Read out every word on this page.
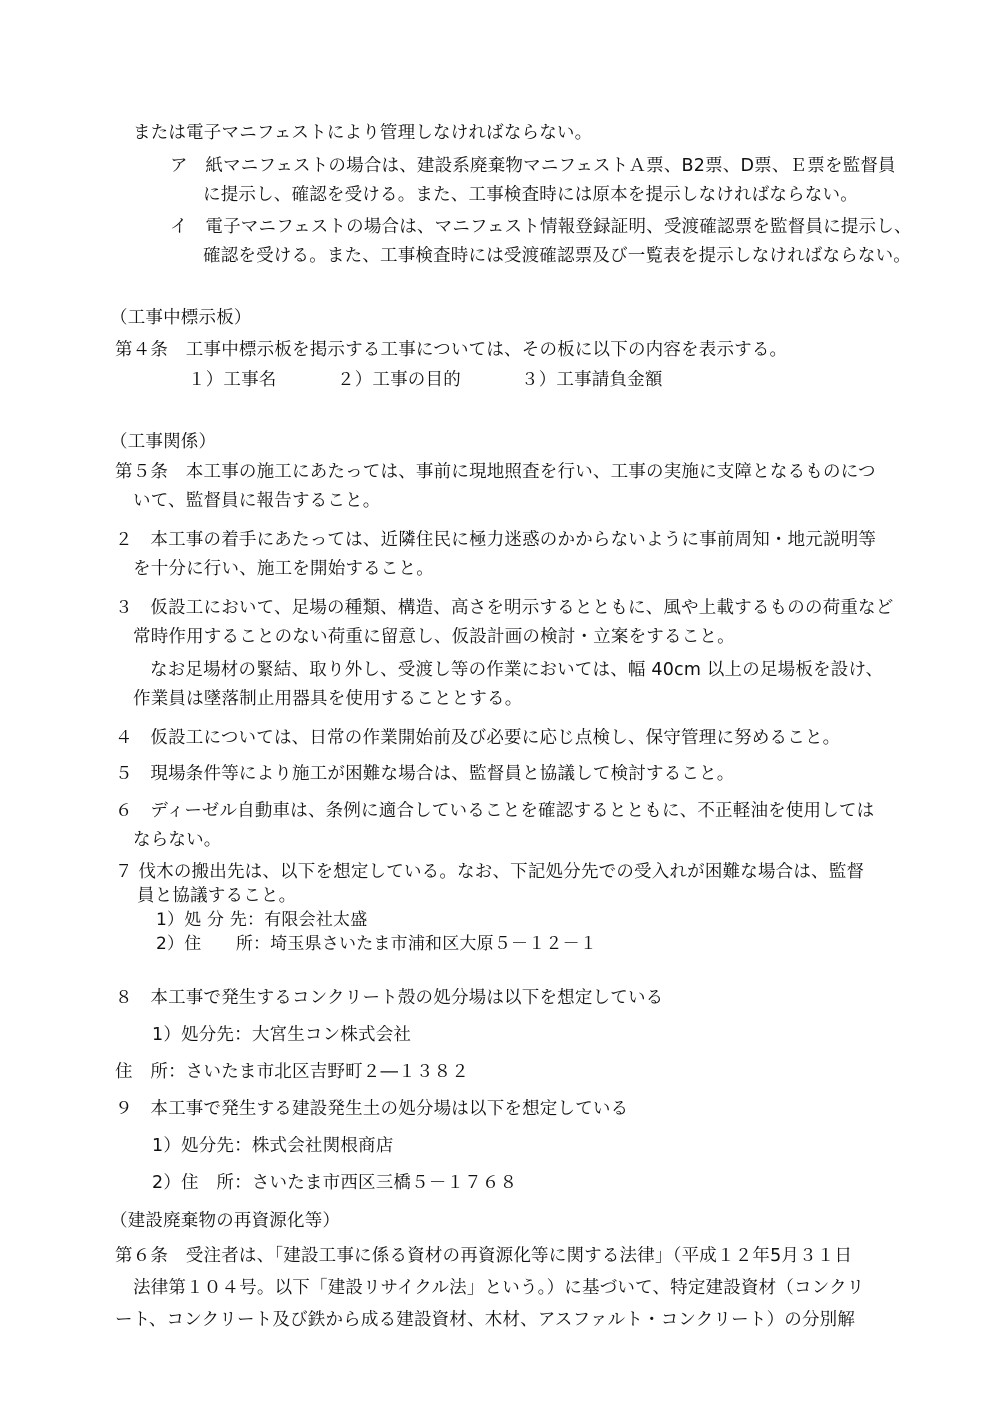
または電子マニフェストにより管理しなければならない。
ア　紙マニフェストの場合は、建設系廃棄物マニフェストＡ票、B2票、D票、Ｅ票を監督員
に提示し、確認を受ける。また、工事検査時には原本を提示しなければならない。
イ　電子マニフェストの場合は、マニフェスト情報登録証明、受渡確認票を監督員に提示し、
確認を受ける。また、工事検査時には受渡確認票及び一覧表を提示しなければならない。
（工事中標示板）
第４条　工事中標示板を掲示する工事については、その板に以下の内容を表示する。
１）工事名	２）工事の目的	３）工事請負金額
（工事関係）
第５条　本工事の施工にあたっては、事前に現地照査を行い、工事の実施に支障となるものにつ
いて、監督員に報告すること。
２　本工事の着手にあたっては、近隣住民に極力迷惑のかからないように事前周知・地元説明等
を十分に行い、施工を開始すること。
３　仮設工において、足場の種類、構造、高さを明示するとともに、風や上載するものの荷重など
常時作用することのない荷重に留意し、仮設計画の検討・立案をすること。
なお足場材の緊結、取り外し、受渡し等の作業においては、幅 40cm 以上の足場板を設け、
作業員は墜落制止用器具を使用することとする。
４　仮設工については、日常の作業開始前及び必要に応じ点検し、保守管理に努めること。
５　現場条件等により施工が困難な場合は、監督員と協議して検討すること。
６　ディーゼル自動車は、条例に適合していることを確認するとともに、不正軽油を使用しては
ならない。
７ 伐木の搬出先は、以下を想定している。なお、下記処分先での受入れが困難な場合は、監督
員と協議すること。
1）処 分 先：有限会社太盛
2）住　　所：埼玉県さいたま市浦和区大原５－１２－１
８　本工事で発生するコンクリート殻の処分場は以下を想定している
1）処分先：大宮生コン株式会社
住　所：さいたま市北区吉野町２―１３８２
９　本工事で発生する建設発生土の処分場は以下を想定している
1）処分先：株式会社関根商店
2）住　所：さいたま市西区三橋５－１７６８
（建設廃棄物の再資源化等）
第６条　受注者は、「建設工事に係る資材の再資源化等に関する法律」（平成１２年5月３１日
法律第１０４号。以下「建設リサイクル法」という。）に基づいて、特定建設資材（コンクリ
ート、コンクリート及び鉄から成る建設資材、木材、アスファルト・コンクリート）の分別解
